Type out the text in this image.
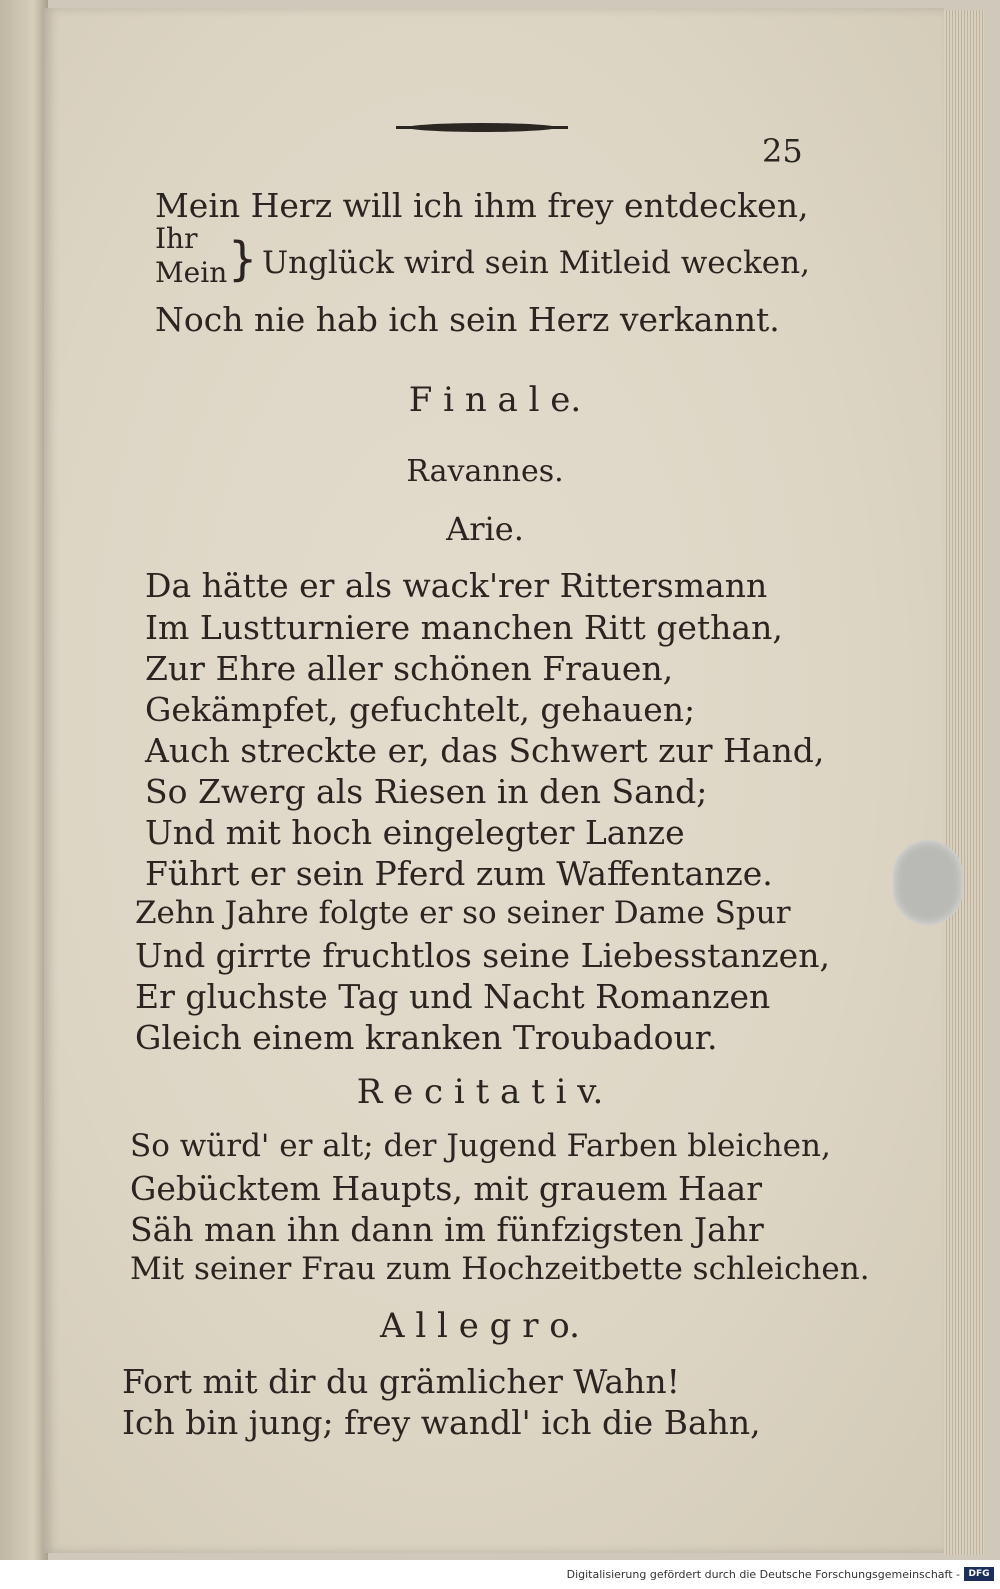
25
Mein Herz will ich ihm frey entdecken,
Ihr } Unglück wird sein Mitleid wecken,
Mein
Noch nie hab ich sein Herz verkannt.
F i n a l e.
Ravannes.
Arie.
Da hätte er als wack'rer Rittersmann
Im Lustturniere manchen Ritt gethan,
Zur Ehre aller schönen Frauen,
Gekämpfet, gefuchtelt, gehauen;
Auch streckte er, das Schwert zur Hand,
So Zwerg als Riesen in den Sand;
Und mit hoch eingelegter Lanze
Führt er sein Pferd zum Waffentanze.
Zehn Jahre folgte er so seiner Dame Spur
Und girrte fruchtlos seine Liebesstanzen,
Er gluchste Tag und Nacht Romanzen
Gleich einem kranken Troubadour.
R e c i t a t i v.
So würd' er alt; der Jugend Farben bleichen,
Gebücktem Haupts, mit grauem Haar
Säh man ihn dann im fünfzigsten Jahr
Mit seiner Frau zum Hochzeitbette schleichen.
A l l e g r o.
Fort mit dir du grämlicher Wahn!
Ich bin jung; frey wandl' ich die Bahn,
Digitalisierung gefördert durch die Deutsche Forschungsgemeinschaft - DFG
